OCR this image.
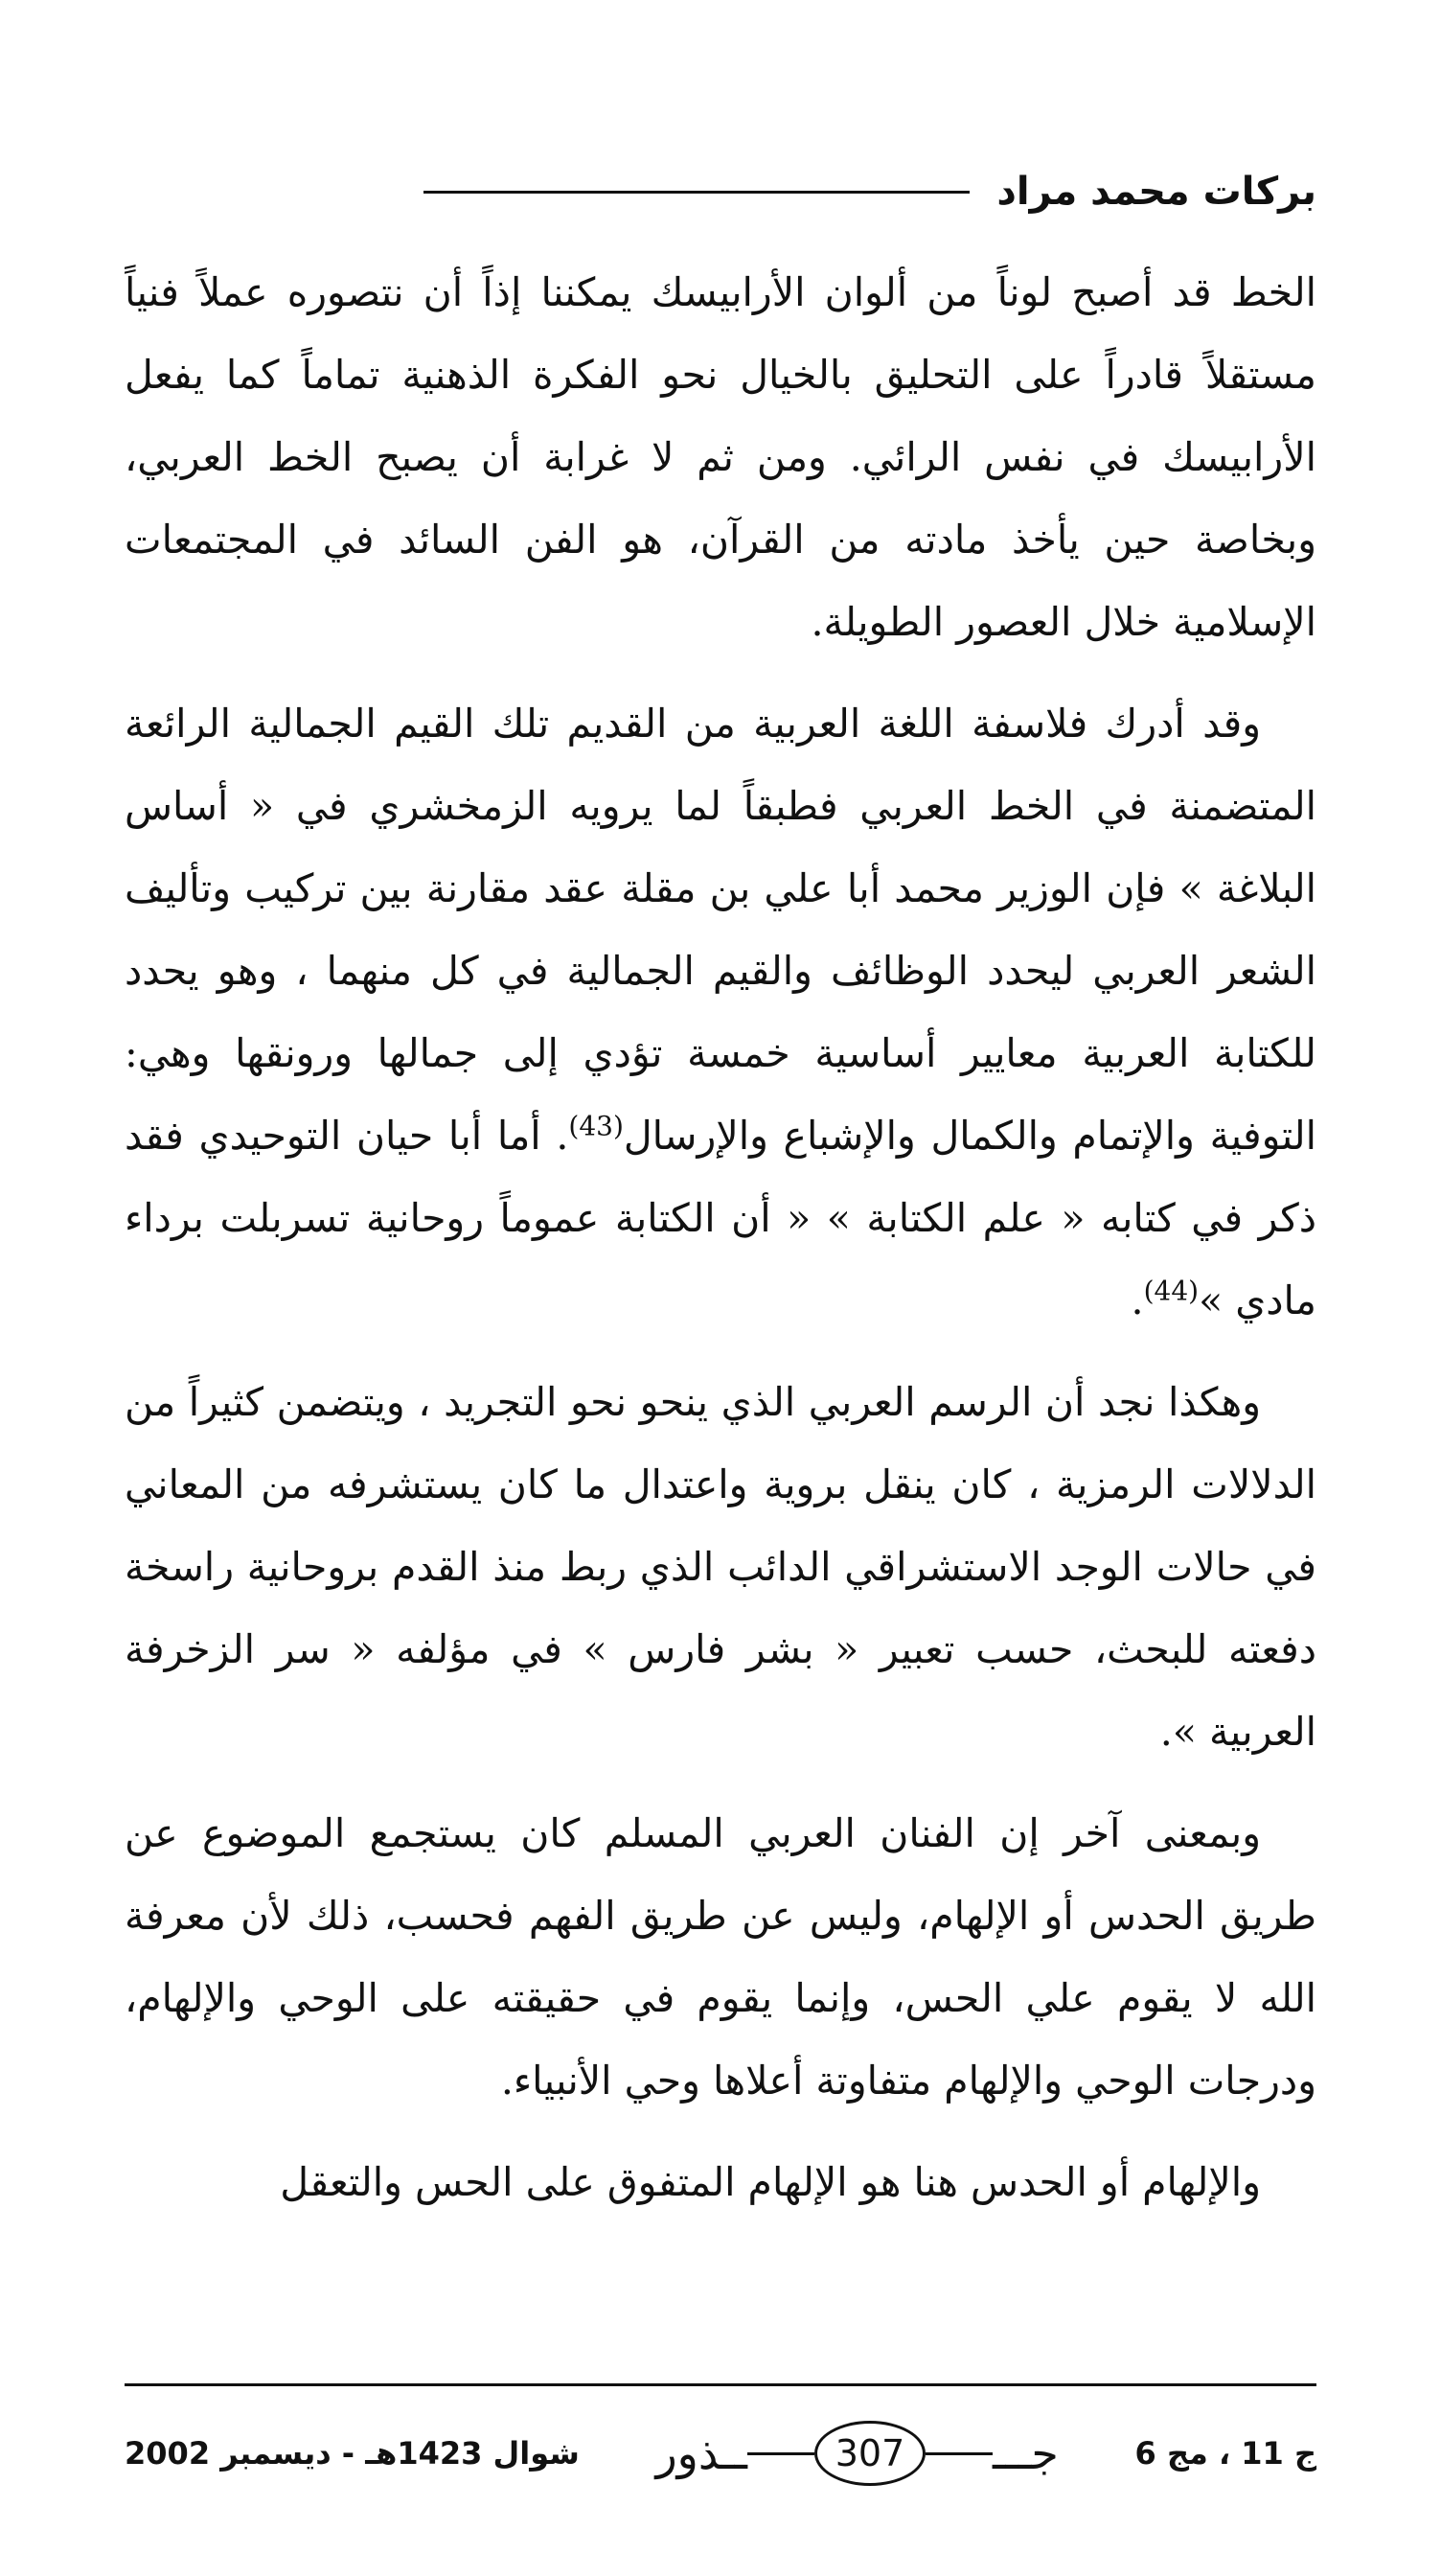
بركات محمد مراد

الخط قد أصبح لوناً من ألوان الأرابيسك يمكننا إذاً أن نتصوره عملاً فنياً مستقلاً قادراً على التحليق بالخيال نحو الفكرة الذهنية تماماً كما يفعل الأرابيسك في نفس الرائي. ومن ثم لا غرابة أن يصبح الخط العربي، وبخاصة حين يأخذ مادته من القرآن، هو الفن السائد في المجتمعات الإسلامية خلال العصور الطويلة.

وقد أدرك فلاسفة اللغة العربية من القديم تلك القيم الجمالية الرائعة المتضمنة في الخط العربي فطبقاً لما يرويه الزمخشري في « أساس البلاغة » فإن الوزير محمد أبا علي بن مقلة عقد مقارنة بين تركيب وتأليف الشعر العربي ليحدد الوظائف والقيم الجمالية في كل منهما ، وهو يحدد للكتابة العربية معايير أساسية خمسة تؤدي إلى جمالها ورونقها وهي: التوفية والإتمام والكمال والإشباع والإرسال$^{(43)}$. أما أبا حيان التوحيدي فقد ذكر في كتابه « علم الكتابة » « أن الكتابة عموماً روحانية تسربلت برداء مادي »$^{(44)}$.

وهكذا نجد أن الرسم العربي الذي ينحو نحو التجريد ، ويتضمن كثيراً من الدلالات الرمزية ، كان ينقل بروية واعتدال ما كان يستشرفه من المعاني في حالات الوجد الاستشراقي الدائب الذي ربط منذ القدم بروحانية راسخة دفعته للبحث، حسب تعبير « بشر فارس » في مؤلفه « سر الزخرفة العربية ».

وبمعنى آخر إن الفنان العربي المسلم كان يستجمع الموضوع عن طريق الحدس أو الإلهام، وليس عن طريق الفهم فحسب، ذلك لأن معرفة الله لا يقوم علي الحس، وإنما يقوم في حقيقته على الوحي والإلهام، ودرجات الوحي والإلهام متفاوتة أعلاها وحي الأنبياء.

والإلهام أو الحدس هنا هو الإلهام المتفوق على الحس والتعقل

ج 11 ، مج 6
جـــ
307
ــذور
شوال 1423هـ - ديسمبر 2002
